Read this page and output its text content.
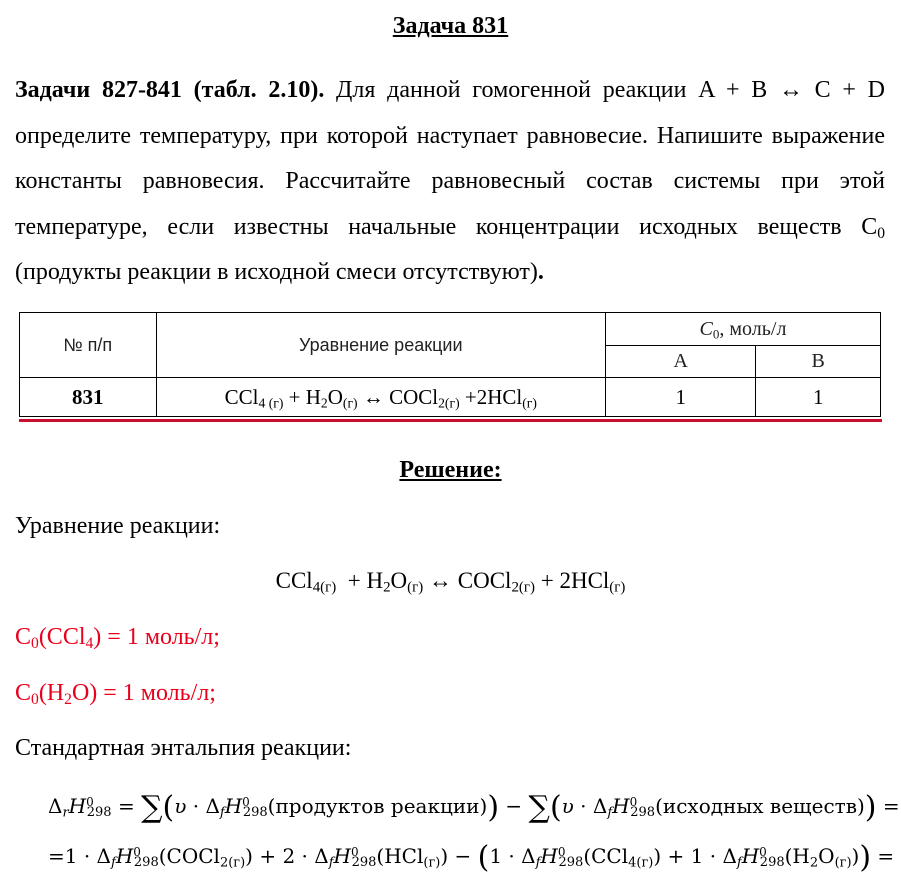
Задача 831
Задачи 827-841 (табл. 2.10). Для данной гомогенной реакции A + B ↔ C + D определите температуру, при которой наступает равновесие. Напишите выражение константы равновесия. Рассчитайте равновесный состав системы при этой температуре, если известны начальные концентрации исходных веществ $C_0$ (продукты реакции в исходной смеси отсутствуют).
№ п/п	Уравнение реакции	$C_0$, моль/л	
		A	B
831	$CCl_{4 (г)} + H_2O_{(г)}$ ↔ COCl$_{2(г)}$ +2HCl$_{(г)}$	1	1
Решение:
Уравнение реакции:
$CCl_{4(г)} + H_2O_{(г)}$ ↔ COCl$_{2(г)}$ + 2HCl$_{(г)}$
$C_0(CCl_4) = 1$ моль/л;
$C_0(H_2O) = 1$ моль/л;
Стандартная энтальпия реакции:
$\Delta_rH^0_{298} = \sum(\upsilon$ · $\Delta_fH^0_{298}(продуктов$ реакции)) − $\sum(\upsilon \cdot \Delta_fH^0_{298}(исходных$ веществ)) =
$=1 \cdot \Delta_fH^0_{298}(COCl_{2(г)}) + 2 \cdot \Delta_fH^0_{298}(HCl_{(г)}) - (1 \cdot \Delta_fH^0_{298}(CCl_{4(г)}) + 1 \cdot \Delta_fH^0_{298}(H_2O_{(г)}))$ =
